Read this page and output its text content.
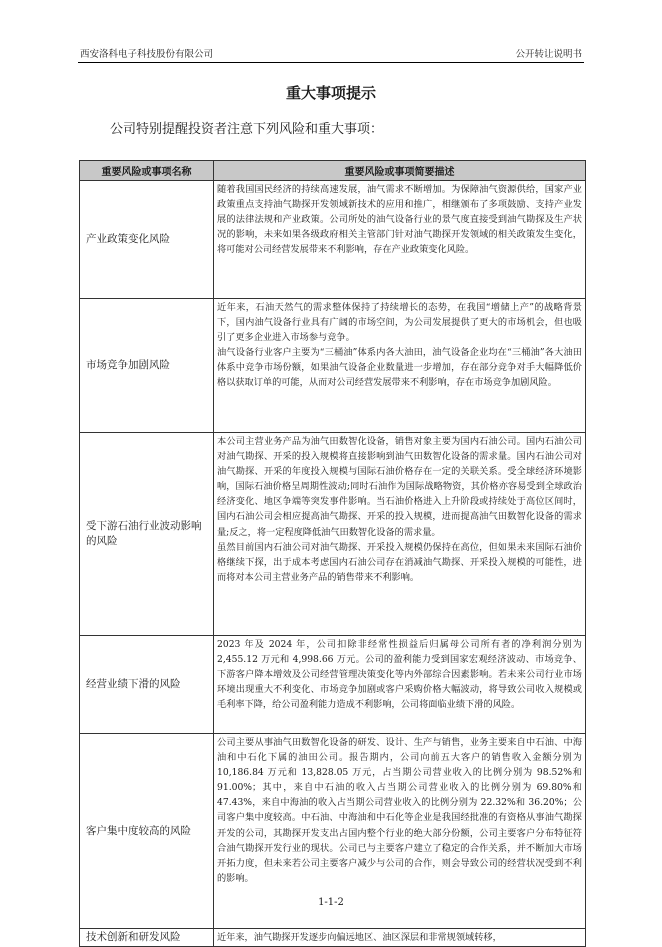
西安洛科电子科技股份有限公司	公开转让说明书
重大事项提示
公司特别提醒投资者注意下列风险和重大事项：
重要风险或事项名称	重要风险或事项简要描述
产业政策变化风险	随着我国国民经济的持续高速发展，油气需求不断增加。为保障油气资源供给，国家产业政策重点支持油气勘探开发领域新技术的应用和推广，相继颁布了多项鼓励、支持产业发展的法律法规和产业政策。公司所处的油气设备行业的景气度直接受到油气勘探及生产状况的影响，未来如果各级政府相关主管部门针对油气勘探开发领域的相关政策发生变化，将可能对公司经营发展带来不利影响，存在产业政策变化风险。

市场竞争加剧风险	近年来，石油天然气的需求整体保持了持续增长的态势，在我国“增储上产”的战略背景下，国内油气设备行业具有广阔的市场空间，为公司发展提供了更大的市场机会，但也吸引了更多企业进入市场参与竞争。

油气设备行业客户主要为“三桶油”体系内各大油田，油气设备企业均在“三桶油”各大油田体系中竞争市场份额，如果油气设备企业数量进一步增加，存在部分竞争对手大幅降低价格以获取订单的可能，从而对公司经营发展带来不利影响，存在市场竞争加剧风险。

受下游石油行业波动影响的风险	本公司主营业务产品为油气田数智化设备，销售对象主要为国内石油公司。国内石油公司对油气勘探、开采的投入规模将直接影响到油气田数智化设备的需求量。国内石油公司对油气勘探、开采的年度投入规模与国际石油价格存在一定的关联关系。受全球经济环境影响，国际石油价格呈周期性波动;同时石油作为国际战略物资，其价格亦容易受到全球政治经济变化、地区争端等突发事件影响。当石油价格进入上升阶段或持续处于高位区间时，国内石油公司会相应提高油气勘探、开采的投入规模，进而提高油气田数智化设备的需求量;反之，将一定程度降低油气田数智化设备的需求量。

虽然目前国内石油公司对油气勘探、开采投入规模仍保持在高位，但如果未来国际石油价格继续下探，出于成本考虑国内石油公司存在消减油气勘探、开采投入规模的可能性，进而将对本公司主营业务产品的销售带来不利影响。

经营业绩下滑的风险	2023 年及 2024 年，公司扣除非经常性损益后归属母公司所有者的净利润分别为 2,455.12 万元和 4,998.66 万元。公司的盈利能力受到国家宏观经济波动、市场竞争、下游客户降本增效及公司经营管理决策变化等内外部综合因素影响。若未来公司行业市场环境出现重大不利变化、市场竞争加剧或客户采购价格大幅波动，将导致公司收入规模或毛利率下降，给公司盈利能力造成不利影响，公司将面临业绩下滑的风险。

客户集中度较高的风险	公司主要从事油气田数智化设备的研发、设计、生产与销售，业务主要来自中石油、中海油和中石化下属的油田公司。报告期内，公司向前五大客户的销售收入金额分别为 10,186.84 万元和 13,828.05 万元，占当期公司营业收入的比例分别为 98.52%和 91.00%；其中，来自中石油的收入占当期公司营业收入的比例分别为 69.80%和 47.43%，来自中海油的收入占当期公司营业收入的比例分别为 22.32%和 36.20%；公司客户集中度较高。中石油、中海油和中石化等企业是我国经批准的有资格从事油气勘探开发的公司，其勘探开发支出占国内整个行业的绝大部分份额，公司主要客户分布特征符合油气勘探开发行业的现状。公司已与主要客户建立了稳定的合作关系，并不断加大市场开拓力度，但未来若公司主要客户减少与公司的合作，则会导致公司的经营状况受到不利的影响。

技术创新和研发风险	近年来，油气勘探开发逐步向偏远地区、油区深层和非常规领域转移，

1-1-2
